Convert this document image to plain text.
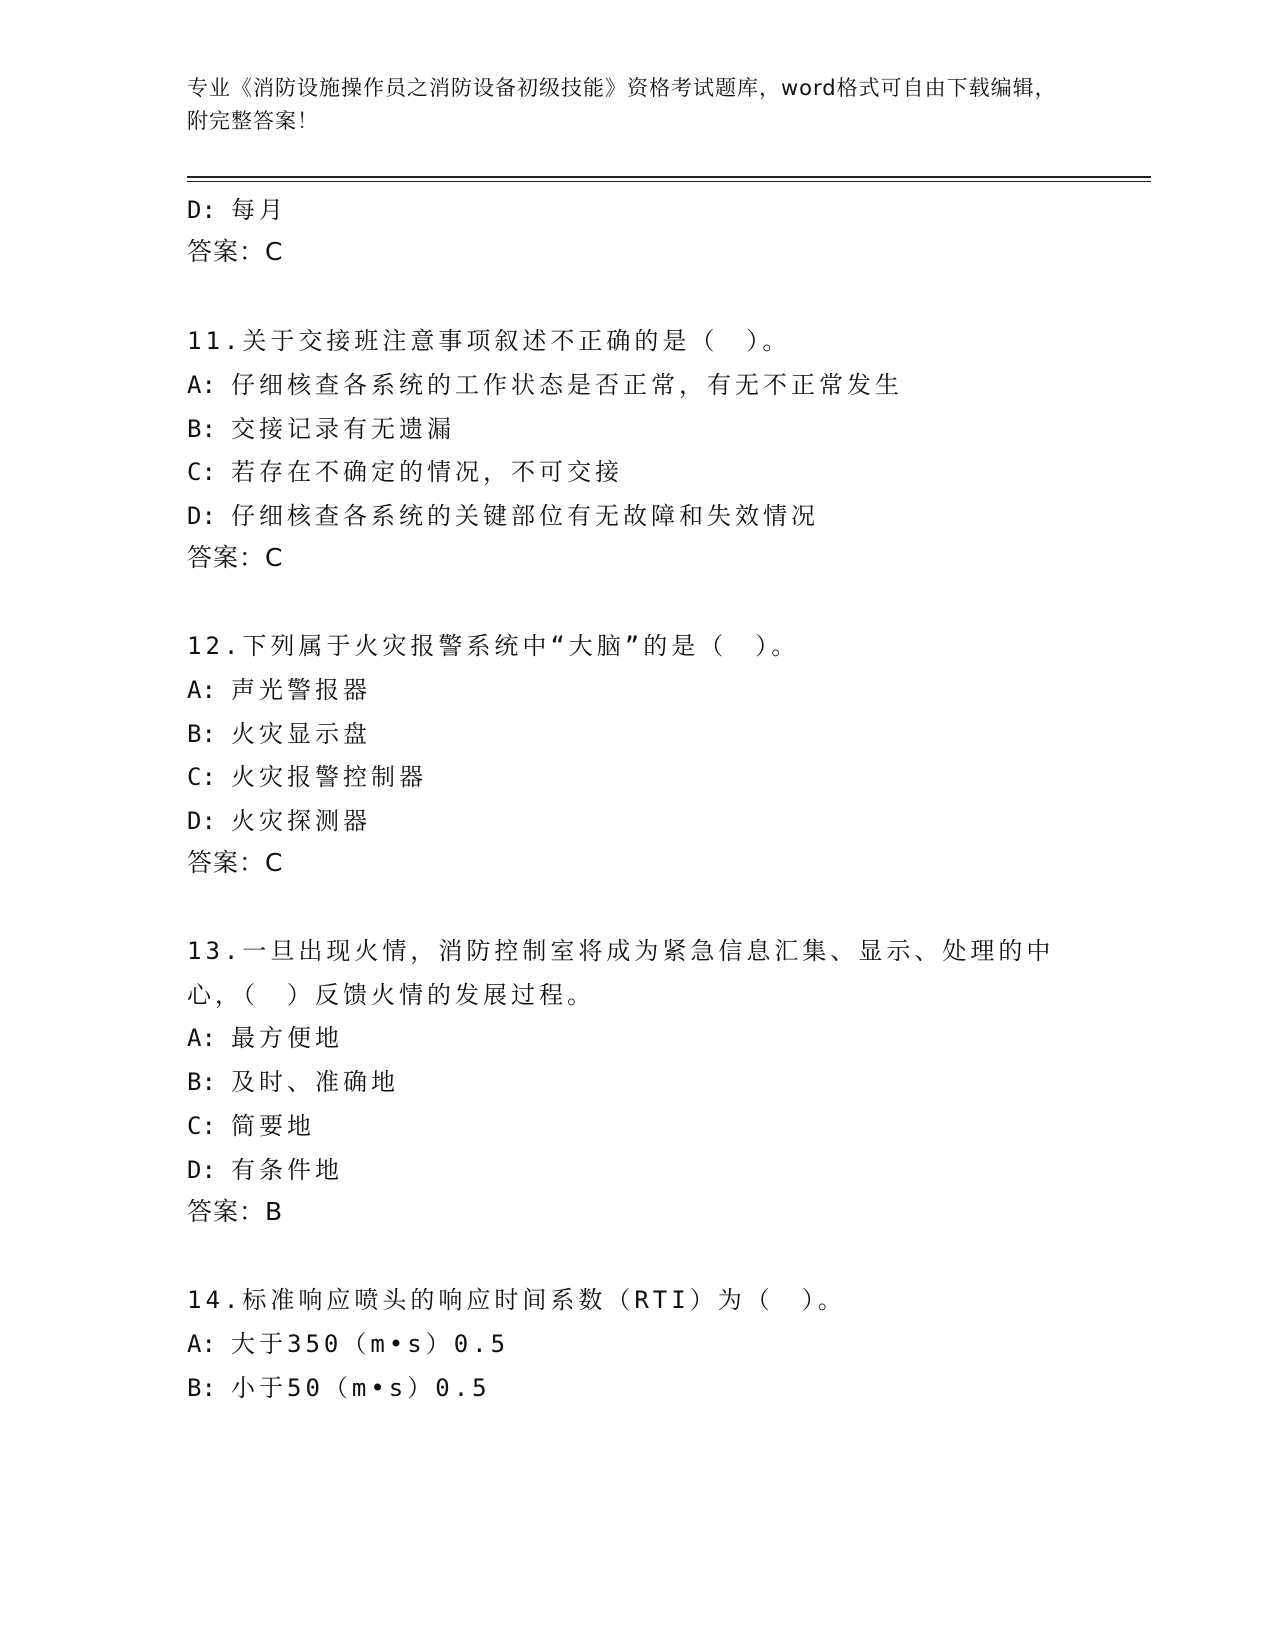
专业《消防设施操作员之消防设备初级技能》资格考试题库，word格式可自由下载编辑，附完整答案！
D: 每月
答案：C
11.关于交接班注意事项叙述不正确的是（　）。
A: 仔细核查各系统的工作状态是否正常，有无不正常发生
B: 交接记录有无遗漏
C: 若存在不确定的情况，不可交接
D: 仔细核查各系统的关键部位有无故障和失效情况
答案：C
12.下列属于火灾报警系统中“大脑”的是（　）。
A: 声光警报器
B: 火灾显示盘
C: 火灾报警控制器
D: 火灾探测器
答案：C
13.一旦出现火情，消防控制室将成为紧急信息汇集、显示、处理的中
心，（　）反馈火情的发展过程。
A: 最方便地
B: 及时、准确地
C: 简要地
D: 有条件地
答案：B
14.标准响应喷头的响应时间系数（RTI）为（　）。
A: 大于350（m•s）0.5
B: 小于50（m•s）0.5
